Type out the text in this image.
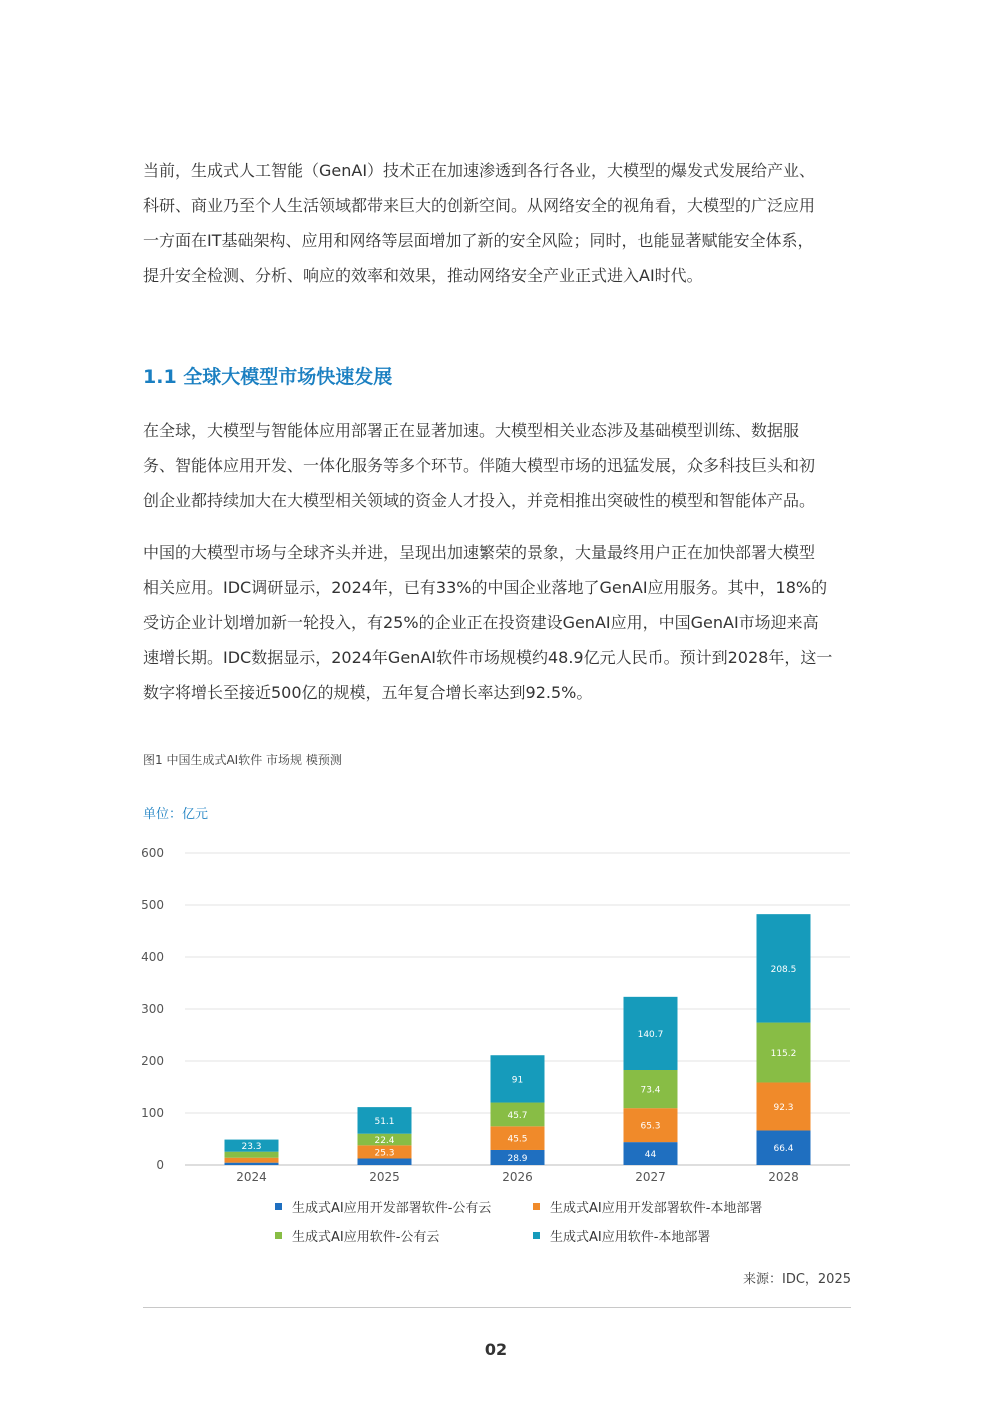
当前，生成式人工智能（GenAI）技术正在加速渗透到各行各业，大模型的爆发式发展给产业、
科研、商业乃至个人生活领域都带来巨大的创新空间。从网络安全的视角看，大模型的广泛应用
一方面在IT基础架构、应用和网络等层面增加了新的安全风险；同时，也能显著赋能安全体系，
提升安全检测、分析、响应的效率和效果，推动网络安全产业正式进入AI时代。
1.1 全球大模型市场快速发展
在全球，大模型与智能体应用部署正在显著加速。大模型相关业态涉及基础模型训练、数据服
务、智能体应用开发、一体化服务等多个环节。伴随大模型市场的迅猛发展，众多科技巨头和初
创企业都持续加大在大模型相关领域的资金人才投入，并竞相推出突破性的模型和智能体产品。
中国的大模型市场与全球齐头并进，呈现出加速繁荣的景象，大量最终用户正在加快部署大模型
相关应用。IDC调研显示，2024年，已有33%的中国企业落地了GenAI应用服务。其中，18%的
受访企业计划增加新一轮投入，有25%的企业正在投资建设GenAI应用，中国GenAI市场迎来高
速增长期。IDC数据显示，2024年GenAI软件市场规模约48.9亿元人民币。预计到2028年，这一
数字将增长至接近500亿的规模，五年复合增长率达到92.5%。
图1 中国生成式AI软件 市场规 模预测
单位：亿元
0
100
200
300
400
500
600
23.3
2024
25.3
22.4
51.1
2025
28.9
45.5
45.7
91
2026
44
65.3
73.4
140.7
2027
66.4
92.3
115.2
208.5
2028
生成式AI应用开发部署软件-公有云	生成式AI应用开发部署软件-本地部署
生成式AI应用软件-公有云	生成式AI应用软件-本地部署
来源：IDC，2025
02
